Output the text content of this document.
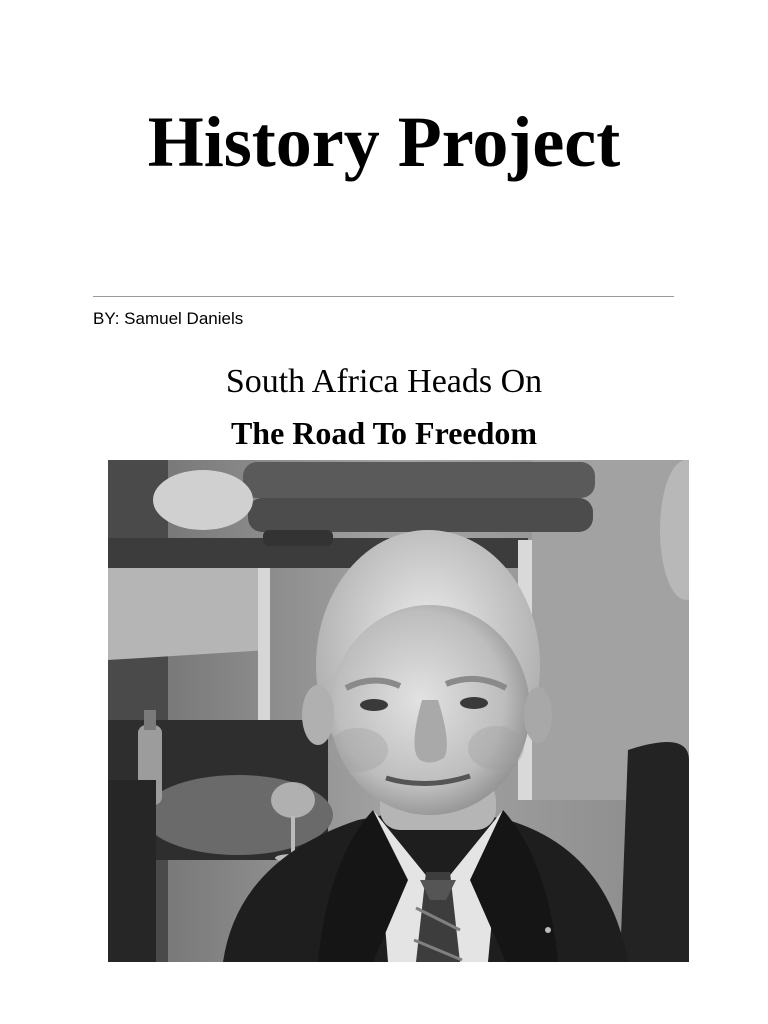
History Project
BY: Samuel Daniels
South Africa Heads On
The Road To Freedom
